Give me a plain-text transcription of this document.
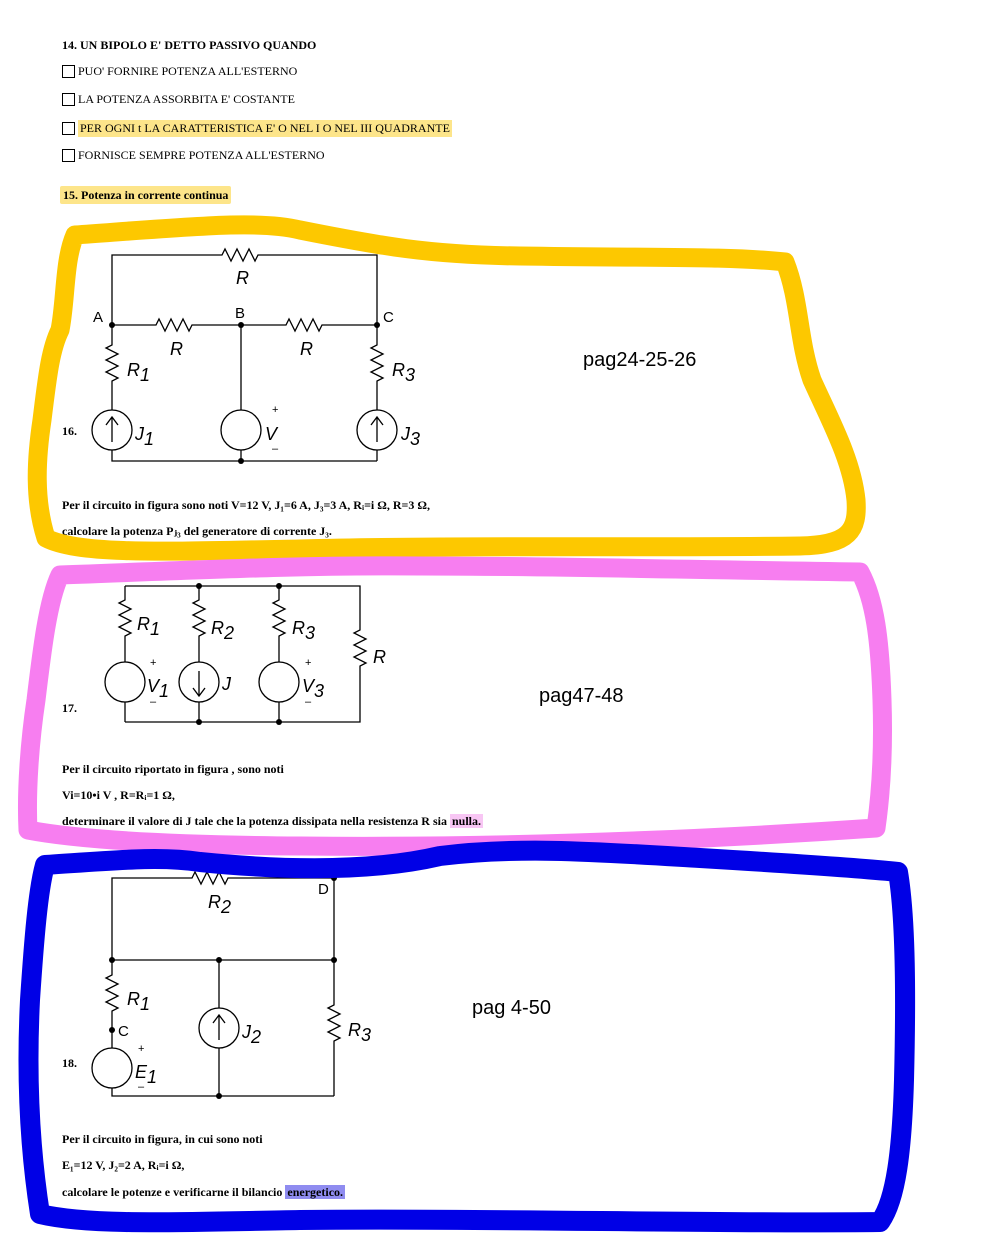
14. UN BIPOLO E' DETTO PASSIVO QUANDO
PUO' FORNIRE POTENZA ALL'ESTERNO
LA POTENZA ASSORBITA E' COSTANTE
PER OGNI t LA CARATTERISTICA E' O NEL I O NEL III QUADRANTE
FORNISCE SEMPRE POTENZA ALL'ESTERNO
15. Potenza in corrente continua
R
A	B	C
R	R
R1	R3
J1	J3
V
+
–
16.
pag24-25-26
Per il circuito in figura sono noti V=12 V, J₁=6 A, J₃=3 A, Rᵢ=i Ω, R=3 Ω,
calcolare la potenza Pⱼ₃ del generatore di corrente J₃.
R1	R2	R3
R
V1	J	V3
+
–
+
–
17.
pag47-48
Per il circuito riportato in figura , sono noti
Vi=10•i V , R=Rᵢ=1 Ω,
determinare il valore di J tale che la potenza dissipata nella resistenza R sia nulla.
R2
D
R1
C	J2	R3
E1
+
–
18.
pag 4-50
Per il circuito in figura, in cui sono noti
E₁=12 V, J₂=2 A, Rᵢ=i Ω,
calcolare le potenze e verificarne il bilancio energetico.
